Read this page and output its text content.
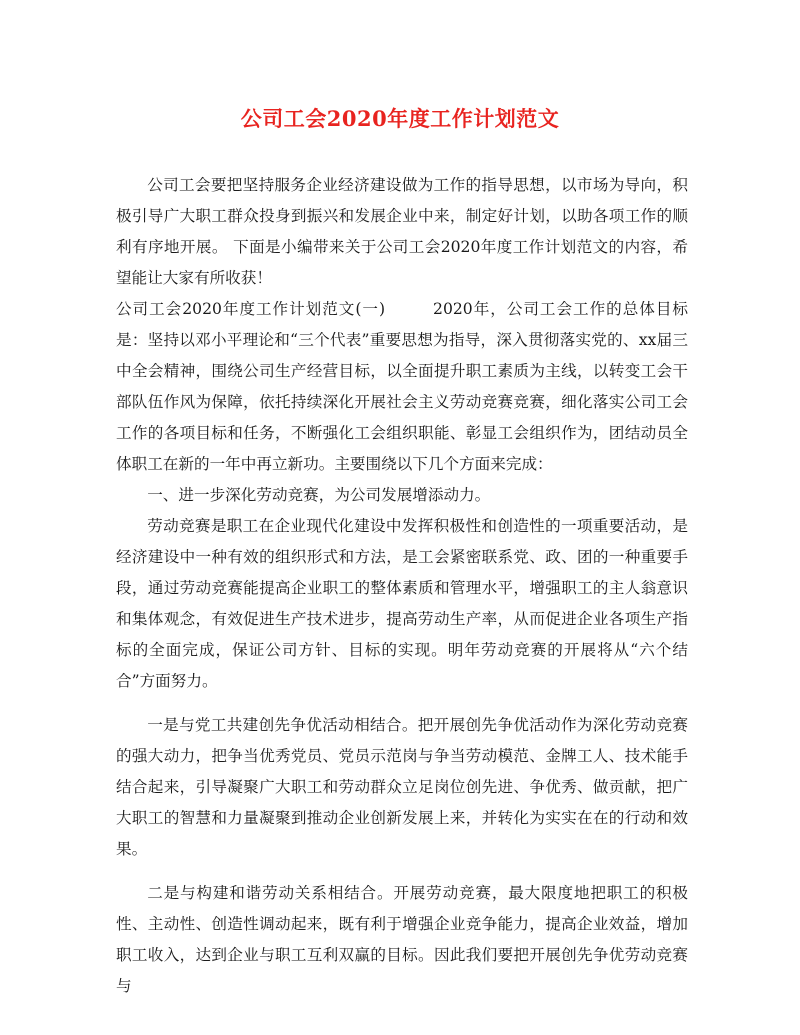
公司工会2020年度工作计划范文

公司工会要把坚持服务企业经济建设做为工作的指导思想，以市场为导向，积极引导广大职工群众投身到振兴和发展企业中来，制定好计划，以助各项工作的顺利有序地开展。 下面是小编带来关于公司工会2020年度工作计划范文的内容，希望能让大家有所收获！

公司工会2020年度工作计划范文(一)	2020年，公司工会工作的总体目标是：坚持以邓小平理论和“三个代表”重要思想为指导，深入贯彻落实党的、xx届三中全会精神，围绕公司生产经营目标，以全面提升职工素质为主线，以转变工会干部队伍作风为保障，依托持续深化开展社会主义劳动竞赛竞赛，细化落实公司工会工作的各项目标和任务，不断强化工会组织职能、彰显工会组织作为，团结动员全体职工在新的一年中再立新功。主要围绕以下几个方面来完成：

一、进一步深化劳动竞赛，为公司发展增添动力。

劳动竞赛是职工在企业现代化建设中发挥积极性和创造性的一项重要活动，是经济建设中一种有效的组织形式和方法，是工会紧密联系党、政、团的一种重要手段，通过劳动竞赛能提高企业职工的整体素质和管理水平，增强职工的主人翁意识和集体观念，有效促进生产技术进步，提高劳动生产率，从而促进企业各项生产指标的全面完成，保证公司方针、目标的实现。明年劳动竞赛的开展将从“六个结合”方面努力。

一是与党工共建创先争优活动相结合。把开展创先争优活动作为深化劳动竞赛的强大动力，把争当优秀党员、党员示范岗与争当劳动模范、金牌工人、技术能手结合起来，引导凝聚广大职工和劳动群众立足岗位创先进、争优秀、做贡献，把广大职工的智慧和力量凝聚到推动企业创新发展上来，并转化为实实在在的行动和效果。

二是与构建和谐劳动关系相结合。开展劳动竞赛，最大限度地把职工的积极性、主动性、创造性调动起来，既有利于增强企业竞争能力，提高企业效益，增加职工收入，达到企业与职工互利双赢的目标。因此我们要把开展创先争优劳动竞赛与
